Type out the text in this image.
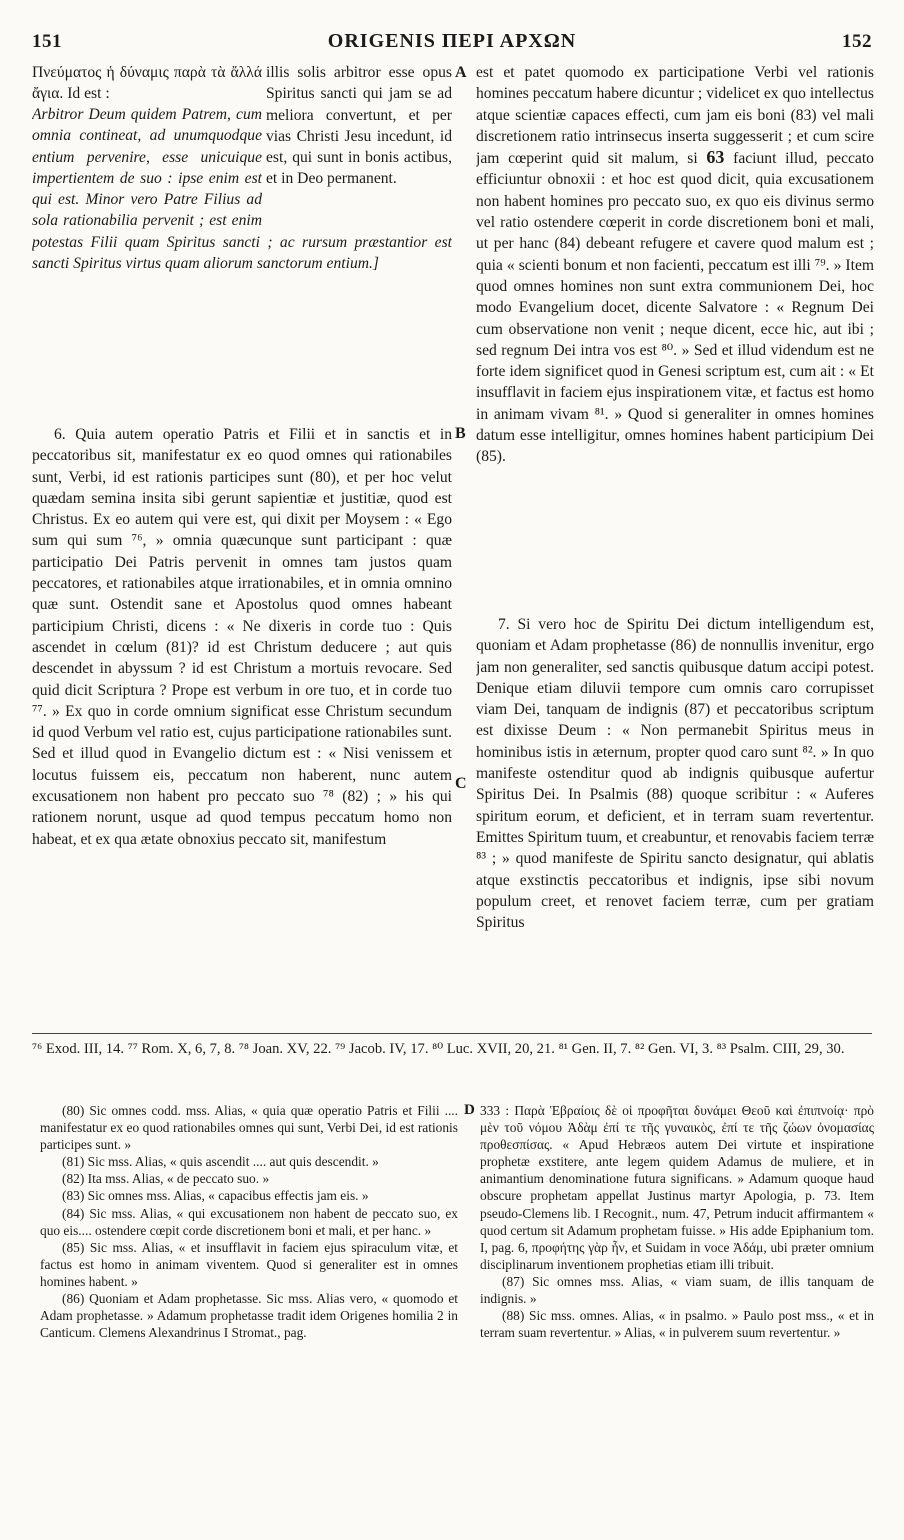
151	ORIGENIS ΠΕΡΙ ΑΡΧΩΝ	152

Πνεύματος ἡ δύναμις παρὰ τὰ ἄλλά ἄγια. Id est :

illis solis arbitror esse opus Spiritus sancti qui jam se ad meliora convertunt, et per vias Christi Jesu incedunt, id est, qui sunt in bonis actibus, et in Deo permanent.

Arbitror Deum quidem Patrem, cum omnia contineat, ad unumquodque entium pervenire, esse unicuique impertientem de suo : ipse enim est qui est. Minor vero Patre Filius ad sola rationabilia pervenit ; est enim

potestas Filii quam Spiritus sancti ; ac rursum præstantior est sancti Spiritus virtus quam aliorum sanctorum entium.]

6. Quia autem operatio Patris et Filii et in sanctis et in peccatoribus sit, manifestatur ex eo quod omnes qui rationabiles sunt, Verbi, id est rationis participes sunt (80), et per hoc velut quædam semina insita sibi gerunt sapientiæ et justitiæ, quod est Christus. Ex eo autem qui vere est, qui dixit per Moysem : « Ego sum qui sum ⁷⁶, » omnia quæcunque sunt participant : quæ participatio Dei Patris pervenit in omnes tam justos quam peccatores, et rationabiles atque irrationabiles, et in omnia omnino quæ sunt. Ostendit sane et Apostolus quod omnes habeant participium Christi, dicens : « Ne dixeris in corde tuo : Quis ascendet in cœlum (81)? id est Christum deducere ; aut quis descendet in abyssum ? id est Christum a mortuis revocare. Sed quid dicit Scriptura ? Prope est verbum in ore tuo, et in corde tuo ⁷⁷. » Ex quo in corde omnium significat esse Christum secundum id quod Verbum vel ratio est, cujus participatione rationabiles sunt. Sed et illud quod in Evangelio dictum est : « Nisi venissem et locutus fuissem eis, peccatum non haberent, nunc autem excusationem non habent pro peccato suo ⁷⁸ (82) ; » his qui rationem norunt, usque ad quod tempus peccatum homo non habeat, et ex qua ætate obnoxius peccato sit, manifestum

A
B
C

est et patet quomodo ex participatione Verbi vel rationis homines peccatum habere dicuntur ; videlicet ex quo intellectus atque scientiæ capaces effecti, cum jam eis boni (83) vel mali discretionem ratio intrinsecus inserta suggesserit ; et cum scire jam cœperint quid sit malum, si 63 faciunt illud, peccato efficiuntur obnoxii : et hoc est quod dicit, quia excusationem non habent homines pro peccato suo, ex quo eis divinus sermo vel ratio ostendere cœperit in corde discretionem boni et mali, ut per hanc (84) debeant refugere et cavere quod malum est ; quia « scienti bonum et non facienti, peccatum est illi ⁷⁹. » Item quod omnes homines non sunt extra communionem Dei, hoc modo Evangelium docet, dicente Salvatore : « Regnum Dei cum observatione non venit ; neque dicent, ecce hic, aut ibi ; sed regnum Dei intra vos est ⁸⁰. » Sed et illud videndum est ne forte idem significet quod in Genesi scriptum est, cum ait : « Et insufflavit in faciem ejus inspirationem vitæ, et factus est homo in animam vivam ⁸¹. » Quod si generaliter in omnes homines datum esse intelligitur, omnes homines habent participium Dei (85).

7. Si vero hoc de Spiritu Dei dictum intelligendum est, quoniam et Adam prophetasse (86) de nonnullis invenitur, ergo jam non generaliter, sed sanctis quibusque datum accipi potest. Denique etiam diluvii tempore cum omnis caro corrupisset viam Dei, tanquam de indignis (87) et peccatoribus scriptum est dixisse Deum : « Non permanebit Spiritus meus in hominibus istis in æternum, propter quod caro sunt ⁸². » In quo manifeste ostenditur quod ab indignis quibusque aufertur Spiritus Dei. In Psalmis (88) quoque scribitur : « Auferes spiritum eorum, et deficient, et in terram suam revertentur. Emittes Spiritum tuum, et creabuntur, et renovabis faciem terræ ⁸³ ; » quod manifeste de Spiritu sancto designatur, qui ablatis atque exstinctis peccatoribus et indignis, ipse sibi novum populum creet, et renovet faciem terræ, cum per gratiam Spiritus

⁷⁶ Exod. III, 14. ⁷⁷ Rom. X, 6, 7, 8. ⁷⁸ Joan. XV, 22. ⁷⁹ Jacob. IV, 17. ⁸⁰ Luc. XVII, 20, 21. ⁸¹ Gen. II, 7. ⁸² Gen. VI, 3. ⁸³ Psalm. CIII, 29, 30.

(80) Sic omnes codd. mss. Alias, « quia quæ operatio Patris et Filii .... manifestatur ex eo quod rationabiles omnes qui sunt, Verbi Dei, id est rationis participes sunt. »

(81) Sic mss. Alias, « quis ascendit .... aut quis descendit. »

(82) Ita mss. Alias, « de peccato suo. »

(83) Sic omnes mss. Alias, « capacibus effectis jam eis. »

(84) Sic mss. Alias, « qui excusationem non habent de peccato suo, ex quo eis.... ostendere cœpit corde discretionem boni et mali, et per hanc. »

(85) Sic mss. Alias, « et insufflavit in faciem ejus spiraculum vitæ, et factus est homo in animam viventem. Quod si generaliter est in omnes homines habent. »

(86) Quoniam et Adam prophetasse. Sic mss. Alias vero, « quomodo et Adam prophetasse. » Adamum prophetasse tradit idem Origenes homilia 2 in Canticum. Clemens Alexandrinus I Stromat., pag.

D 333 : Παρὰ Ἑβραίοις δὲ οἱ προφῆται δυνάμει Θεοῦ καὶ ἐπιπνοίᾳ· πρὸ μὲν τοῦ νόμου Ἀδὰμ ἐπί τε τῆς γυναικὸς, ἐπί τε τῆς ζώων ὀνομασίας προθεσπίσας. « Apud Hebræos autem Dei virtute et inspiratione prophetæ exstitere, ante legem quidem Adamus de muliere, et in animantium denominatione futura significans. » Adamum quoque haud obscure prophetam appellat Justinus martyr Apologia, p. 73. Item pseudo-Clemens lib. I Recognit., num. 47, Petrum inducit affirmantem « quod certum sit Adamum prophetam fuisse. » His adde Epiphanium tom. I, pag. 6, προφήτης γὰρ ἦν, et Suidam in voce Ἀδάμ, ubi præter omnium disciplinarum inventionem prophetias etiam illi tribuit.

(87) Sic omnes mss. Alias, « viam suam, de illis tanquam de indignis. »

(88) Sic mss. omnes. Alias, « in psalmo. » Paulo post mss., « et in terram suam revertentur. » Alias, « in pulverem suum revertentur. »
